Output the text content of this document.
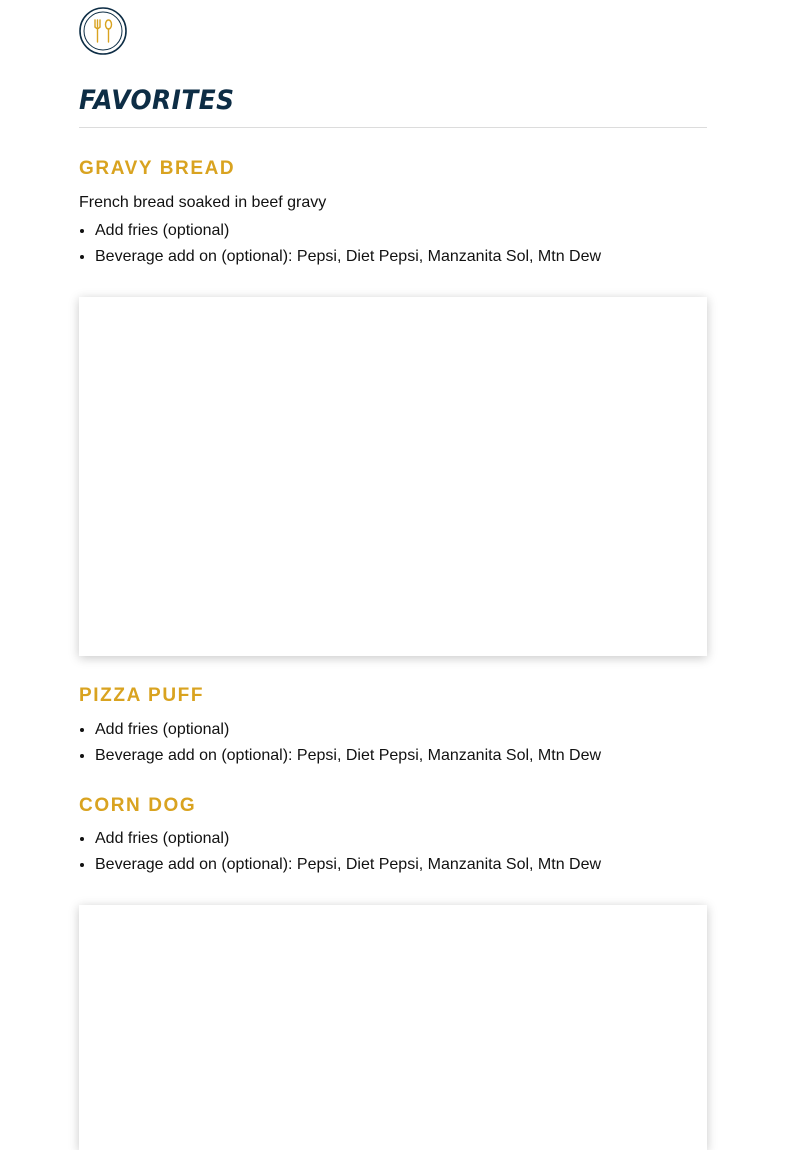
FAVORITES
GRAVY BREAD

French bread soaked in beef gravy

• Add fries (optional)
• Beverage add on (optional): Pepsi, Diet Pepsi, Manzanita Sol, Mtn Dew
PIZZA PUFF
• Add fries (optional)
• Beverage add on (optional): Pepsi, Diet Pepsi, Manzanita Sol, Mtn Dew
CORN DOG
• Add fries (optional)
• Beverage add on (optional): Pepsi, Diet Pepsi, Manzanita Sol, Mtn Dew
